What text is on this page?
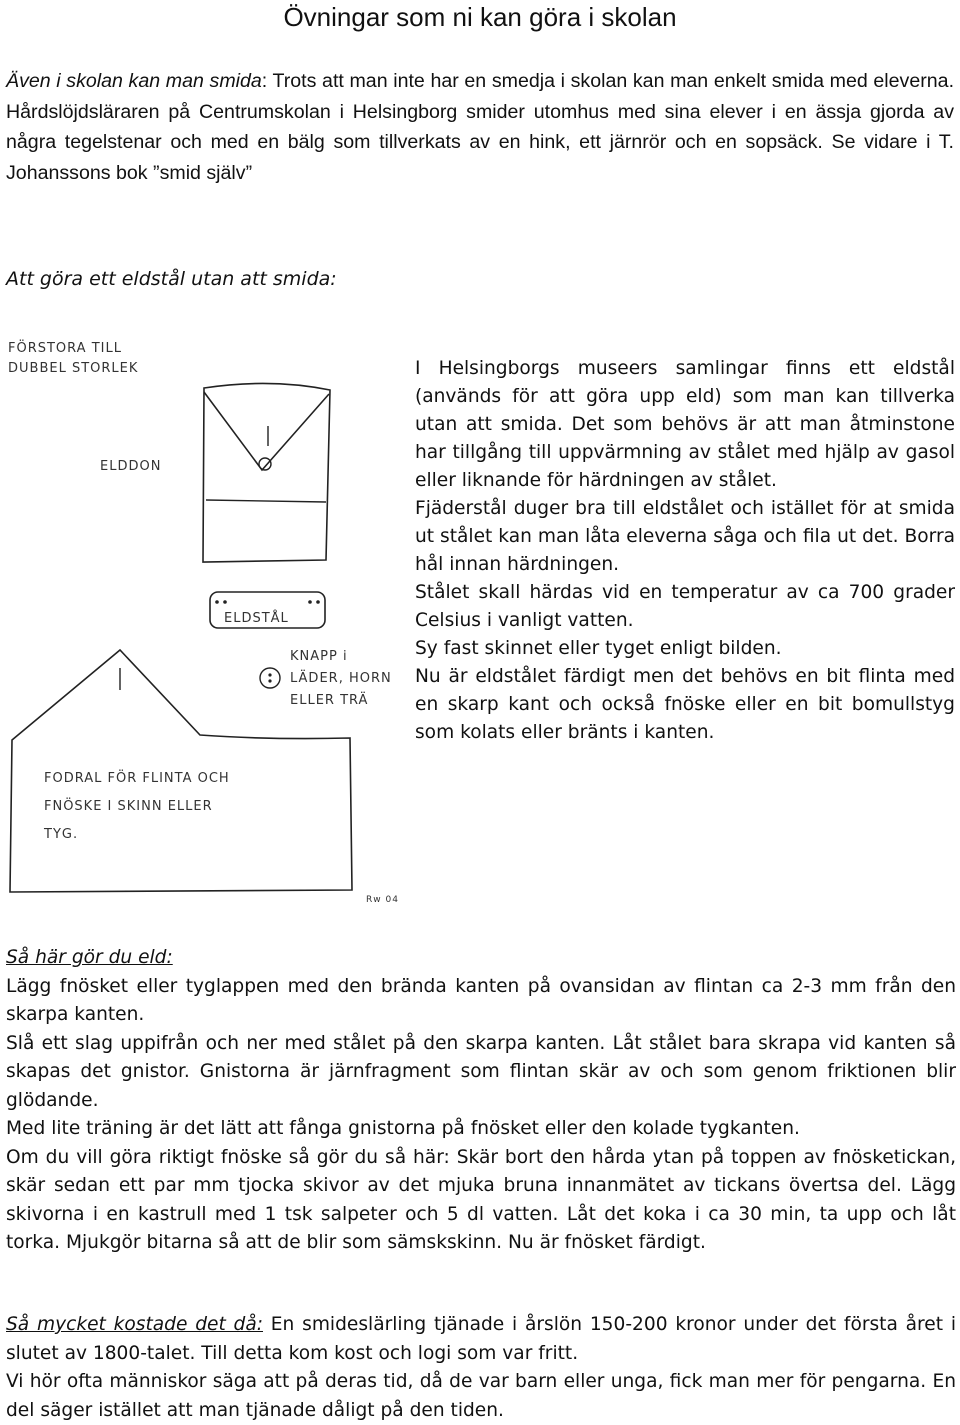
Övningar som ni kan göra i skolan

Även i skolan kan man smida: Trots att man inte har en smedja i skolan kan man enkelt smida med eleverna. Hårdslöjdsläraren på Centrumskolan i Helsingborg smider utomhus med sina elever i en ässja gjorda av några tegelstenar och med en bälg som tillverkats av en hink, ett järnrör och en sopsäck. Se vidare i T. Johanssons bok ”smid själv”

Att göra ett eldstål utan att smida:

FÖRSTORA TILL
DUBBEL STORLEK
ELDDON
ELDSTÅL
KNAPP i
LÄDER, HORN
ELLER TRÄ
FODRAL FÖR FLINTA OCH
FNÖSKE I SKINN ELLER
TYG.
Rw 04

I Helsingborgs museers samlingar finns ett eldstål (används för att göra upp eld) som man kan tillverka utan att smida. Det som behövs är att man åtminstone har tillgång till uppvärmning av stålet med hjälp av gasol eller liknande för härdningen av stålet.

Fjäderstål duger bra till eldstålet och istället för at smida ut stålet kan man låta eleverna såga och fila ut det. Borra hål innan härdningen.

Stålet skall härdas vid en temperatur av ca 700 grader Celsius i vanligt vatten.

Sy fast skinnet eller tyget enligt bilden.

Nu är eldstålet färdigt men det behövs en bit flinta med en skarp kant och också fnöske eller en bit bomullstyg som kolats eller bränts i kanten.

Så här gör du eld:

Lägg fnösket eller tyglappen med den brända kanten på ovansidan av flintan ca 2-3 mm från den skarpa kanten.

Slå ett slag uppifrån och ner med stålet på den skarpa kanten. Låt stålet bara skrapa vid kanten så skapas det gnistor. Gnistorna är järnfragment som flintan skär av och som genom friktionen blir glödande.

Med lite träning är det lätt att fånga gnistorna på fnösket eller den kolade tygkanten.

Om du vill göra riktigt fnöske så gör du så här: Skär bort den hårda ytan på toppen av fnösketickan, skär sedan ett par mm tjocka skivor av det mjuka bruna innanmätet av tickans övertsa del. Lägg skivorna i en kastrull med 1 tsk salpeter och 5 dl vatten. Låt det koka i ca 30 min, ta upp och låt torka. Mjukgör bitarna så att de blir som sämskskinn. Nu är fnösket färdigt.

Så mycket kostade det då: En smideslärling tjänade i årslön 150-200 kronor under det första året i slutet av 1800-talet. Till detta kom kost och logi som var fritt.

Vi hör ofta människor säga att på deras tid, då de var barn eller unga, fick man mer för pengarna. En del säger istället att man tjänade dåligt på den tiden.
